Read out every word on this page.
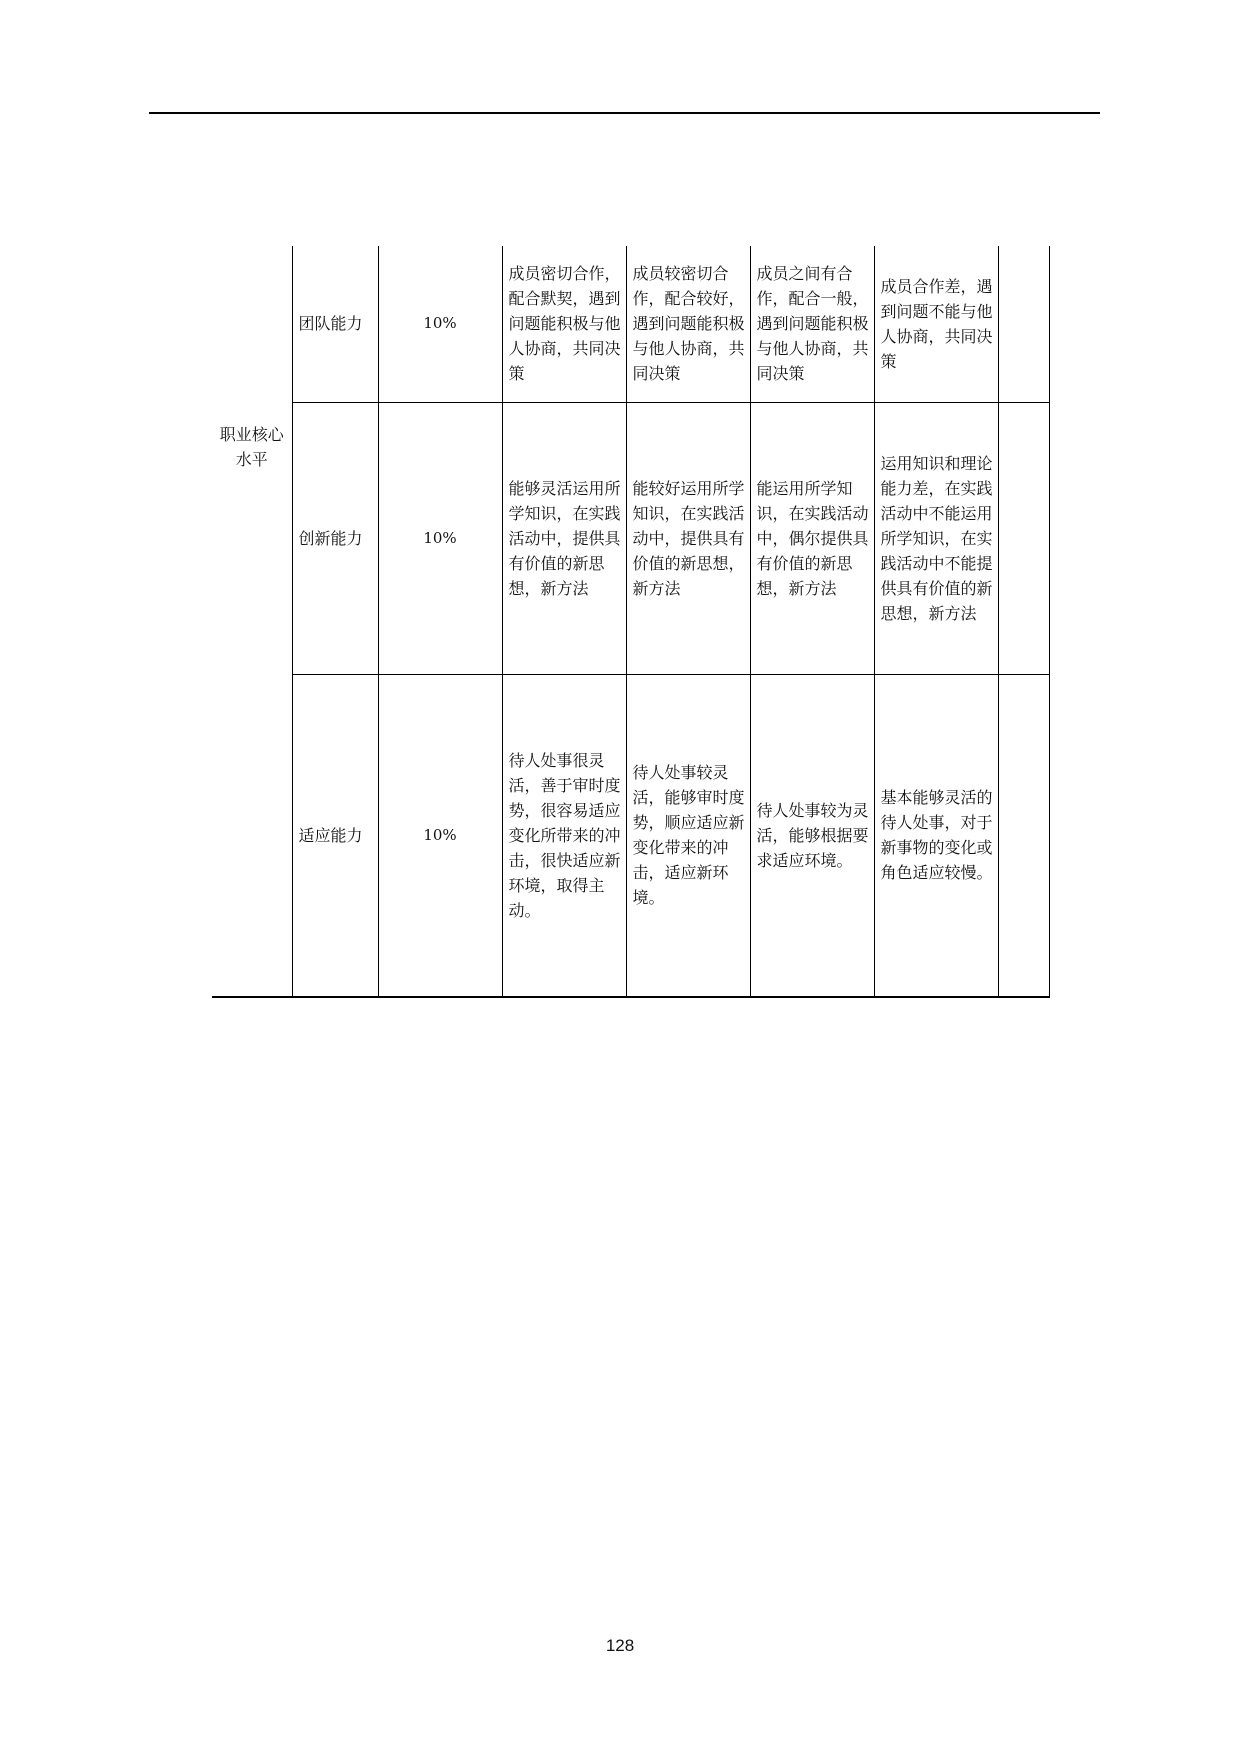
职业核心水平	团队能力	10%	成员密切合作，配合默契，遇到问题能积极与他人协商，共同决策	成员较密切合作，配合较好，遇到问题能积极与他人协商，共同决策	成员之间有合作，配合一般，遇到问题能积极与他人协商，共同决策	成员合作差，遇到问题不能与他人协商，共同决策	
	创新能力	10%	能够灵活运用所学知识，在实践活动中，提供具有价值的新思想，新方法	能较好运用所学知识，在实践活动中，提供具有价值的新思想，新方法	能运用所学知识，在实践活动中，偶尔提供具有价值的新思想，新方法	运用知识和理论能力差，在实践活动中不能运用所学知识，在实践活动中不能提供具有价值的新思想，新方法	
	适应能力	10%	待人处事很灵活，善于审时度势，很容易适应变化所带来的冲击，很快适应新环境，取得主动。	待人处事较灵活，能够审时度势，顺应适应新变化带来的冲击，适应新环境。	待人处事较为灵活，能够根据要求适应环境。	基本能够灵活的待人处事，对于新事物的变化或角色适应较慢。	
128
